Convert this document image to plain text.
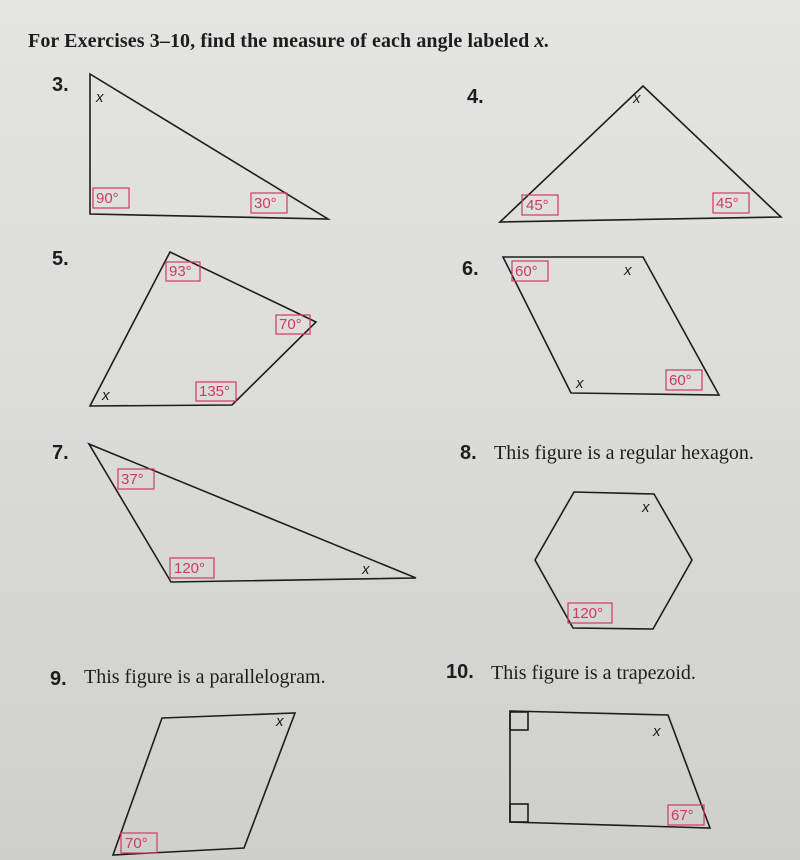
For Exercises 3–10, find the measure of each angle labeled x.
3.
4.
5.	6.
7.	8. This figure is a regular hexagon.
9. This figure is a parallelogram.	10. This figure is a trapezoid.
x
90°	30°
x
45°	45°
93°
70°
x	135°
60°	x
x	60°
37°
120°	x
x
120°
x
70°
x
67°
